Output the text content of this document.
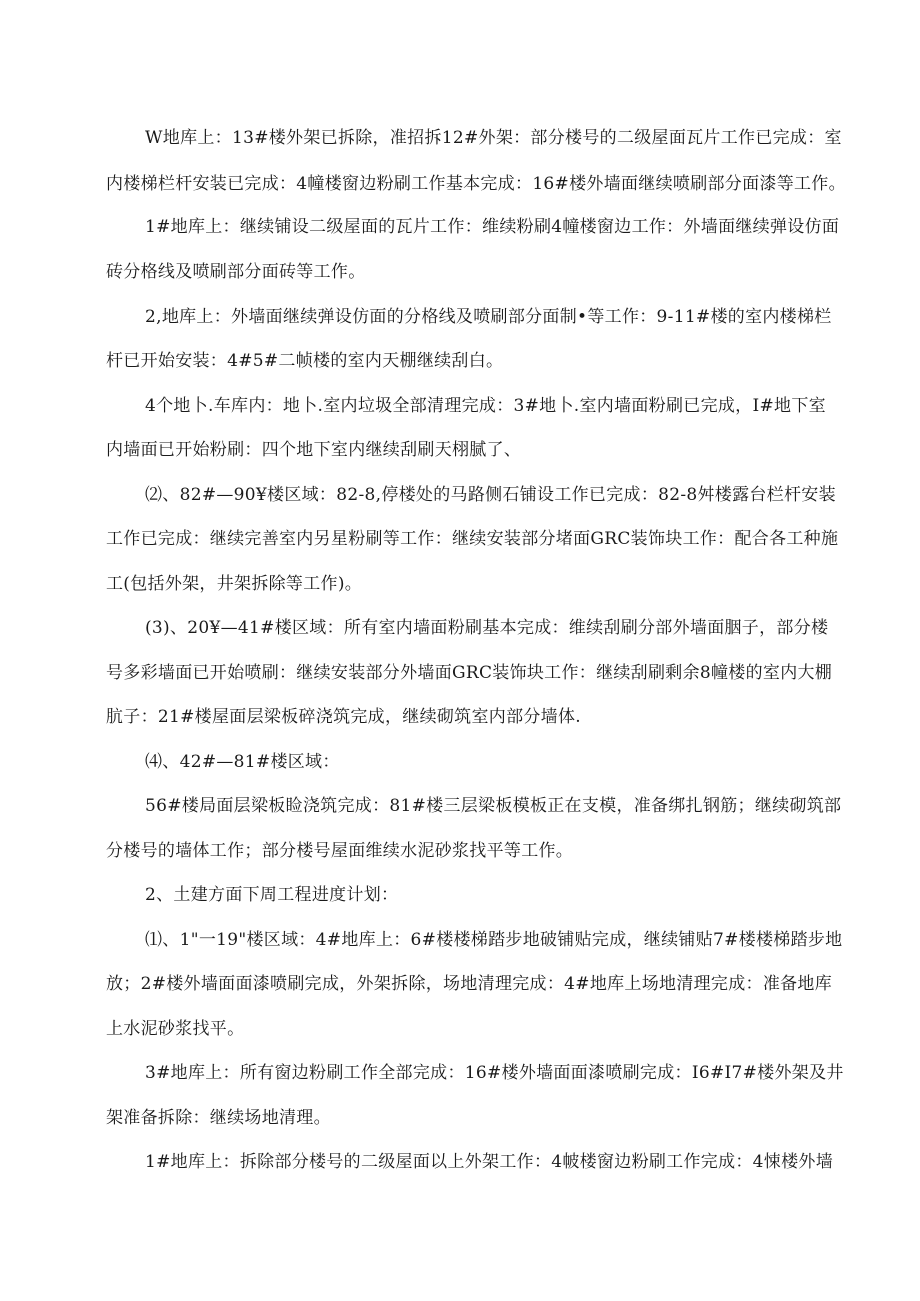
W地库上：13#楼外架已拆除，准招拆12#外架：部分楼号的二级屋面瓦片工作已完成：室
内楼梯栏杆安装已完成：4幢楼窗边粉刷工作基本完成：16#楼外墙面继续喷刷部分面漆等工作。
1#地库上：继续铺设二级屋面的瓦片工作：维续粉刷4幢楼窗边工作：外墙面继续弹设仿面
砖分格线及喷刷部分面砖等工作。
2,地库上：外墙面继续弹设仿面的分格线及喷刷部分面制•等工作：9-11#楼的室内楼梯栏
杆已开始安装：4#5#二帧楼的室内天棚继续刮白。
4个地卜.车库内：地卜.室内垃圾全部清理完成：3#地卜.室内墙面粉刷已完成，I#地下室
内墙面已开始粉刷：四个地下室内继续刮刷天栩腻了、
⑵、82#—90¥楼区域：82-8,停楼处的马路侧石铺设工作已完成：82-8舛楼露台栏杆安装
工作已完成：继续完善室内另星粉刷等工作：继续安装部分堵面GRC装饰块工作：配合各工种施
工(包括外架，井架拆除等工作)。
(3)、20¥—41#楼区域：所有室内墙面粉刷基本完成：维续刮刷分部外墙面胭子，部分楼
号多彩墙面已开始喷刷：继续安装部分外墙面GRC装饰块工作：继续刮刷剩余8幢楼的室内大棚
肮子：21#楼屋面层梁板碎浇筑完成，继续砌筑室内部分墙体.
⑷、42#—81#楼区域：
56#楼局面层梁板睑浇筑完成：81#楼三层梁板模板正在支模，准备绑扎钢筋；继续砌筑部
分楼号的墙体工作；部分楼号屋面维续水泥砂浆找平等工作。
2、土建方面下周工程进度计划：
⑴、1"一19"楼区域：4#地库上：6#楼楼梯踏步地破铺贴完成，继续铺贴7#楼楼梯踏步地
放；2#楼外墙面面漆喷刷完成，外架拆除，场地清理完成：4#地库上场地清理完成：准备地库
上水泥砂浆找平。
3#地库上：所有窗边粉刷工作全部完成：16#楼外墙面面漆喷刷完成：I6#I7#楼外架及井
架准备拆除：继续场地清理。
1#地库上：拆除部分楼号的二级屋面以上外架工作：4帔楼窗边粉刷工作完成：4悚楼外墙
